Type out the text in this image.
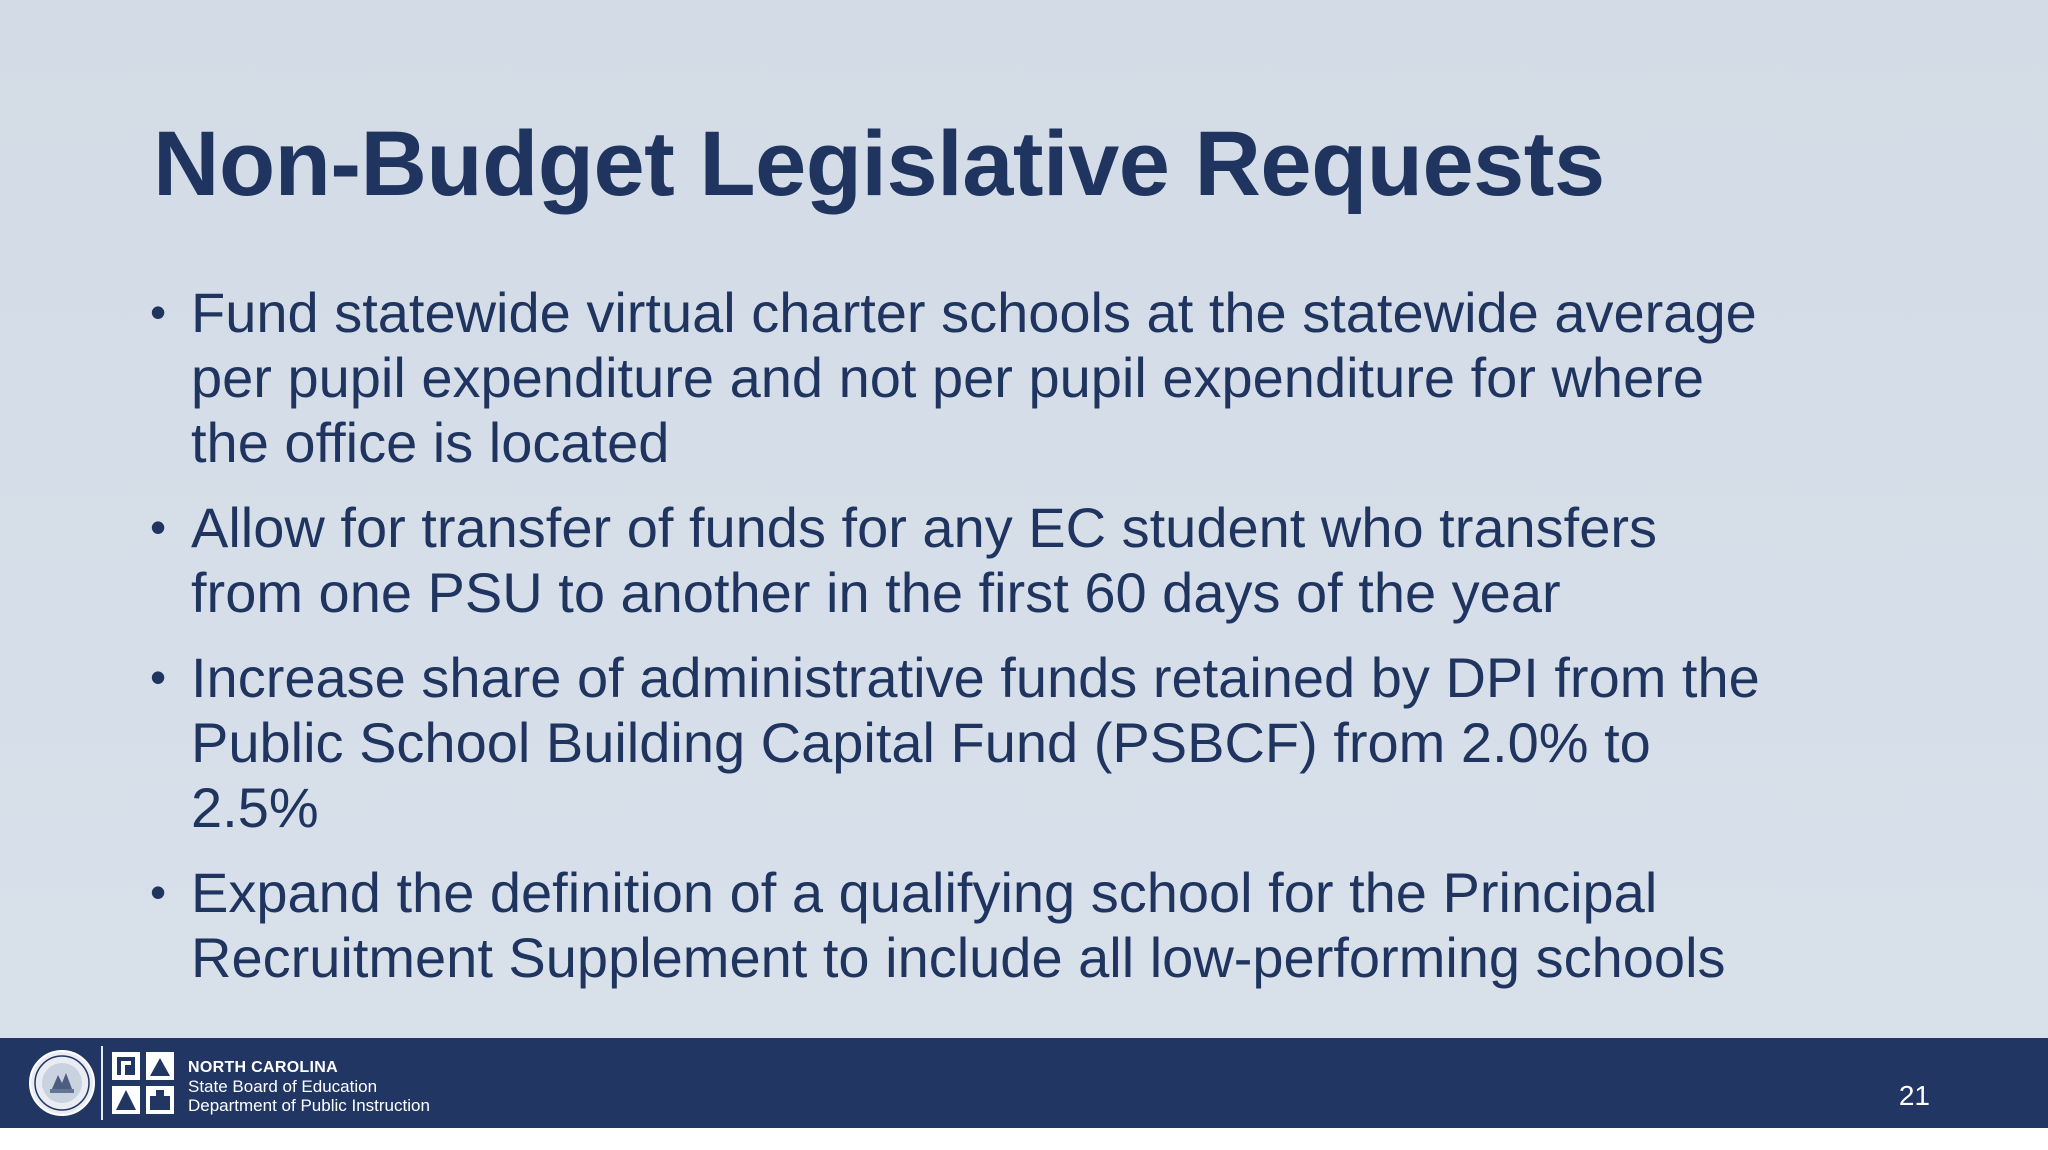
Non-Budget Legislative Requests
• Fund statewide virtual charter schools at the statewide average
per pupil expenditure and not per pupil expenditure for where
the office is located
• Allow for transfer of funds for any EC student who transfers
from one PSU to another in the first 60 days of the year
• Increase share of administrative funds retained by DPI from the
Public School Building Capital Fund (PSBCF) from 2.0% to
2.5%
• Expand the definition of a qualifying school for the Principal
Recruitment Supplement to include all low-performing schools
NORTH CAROLINA
State Board of Education
Department of Public Instruction	21
